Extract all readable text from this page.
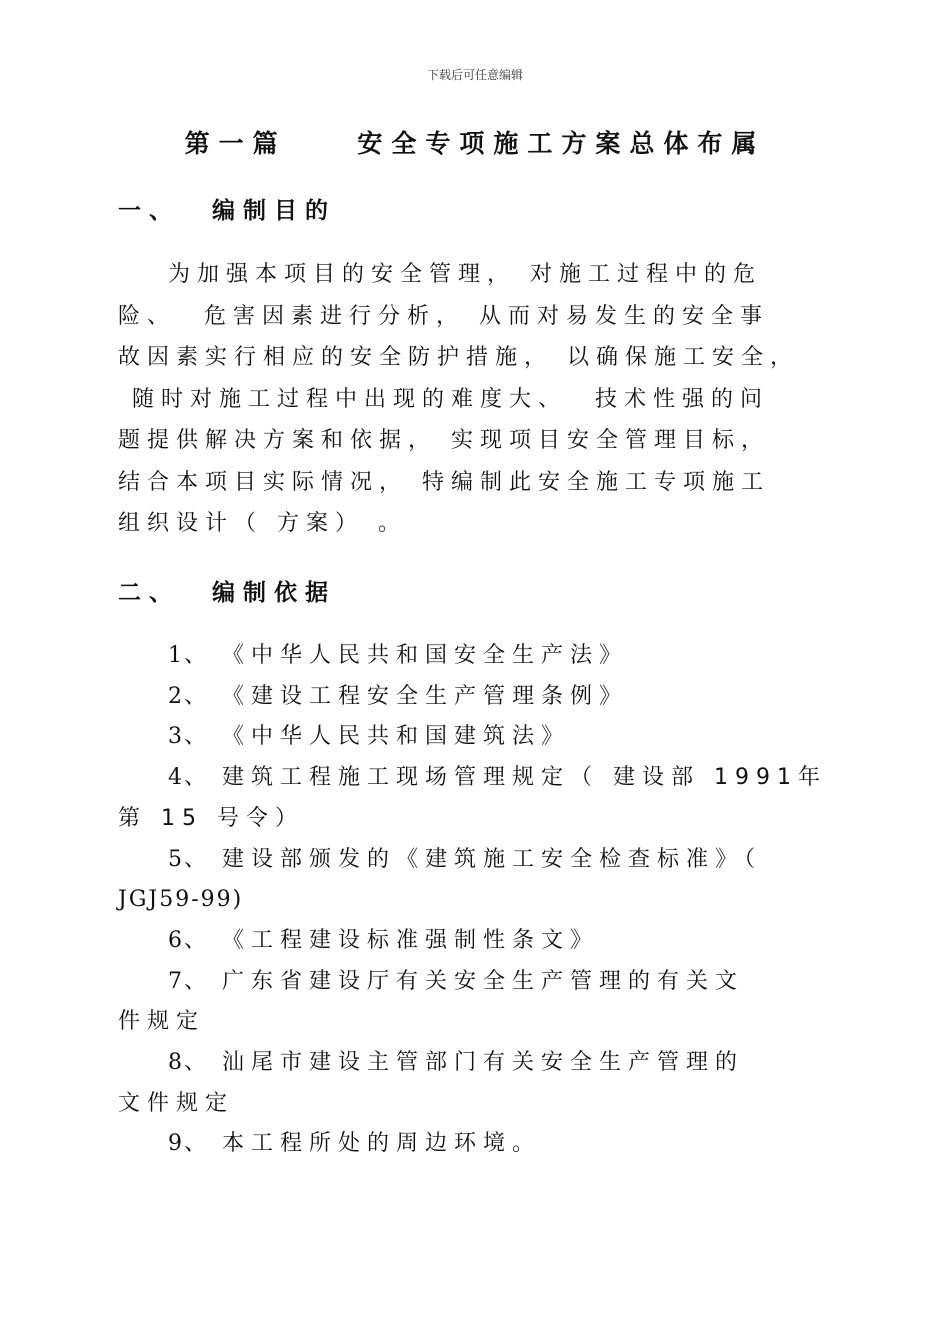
下载后可任意编辑
第一篇    安全专项施工方案总体布属
一、  编制目的
为加强本项目的安全管理， 对施工过程中的危
险、  危害因素进行分析， 从而对易发生的安全事
故因素实行相应的安全防护措施， 以确保施工安全，
随时对施工过程中出现的难度大、  技术性强的问
题提供解决方案和依据， 实现项目安全管理目标，
结合本项目实际情况， 特编制此安全施工专项施工
组织设计（ 方案） 。
二、  编制依据
1、 《中华人民共和国安全生产法》
2、 《建设工程安全生产管理条例》
3、 《中华人民共和国建筑法》
4、 建筑工程施工现场管理规定（ 建设部 1991年
第 15 号令）
5、 建设部颁发的《建筑施工安全检查标准》（
JGJ59-99)
6、 《工程建设标准强制性条文》
7、 广东省建设厅有关安全生产管理的有关文
件规定
8、 汕尾市建设主管部门有关安全生产管理的
文件规定
9、 本工程所处的周边环境。
